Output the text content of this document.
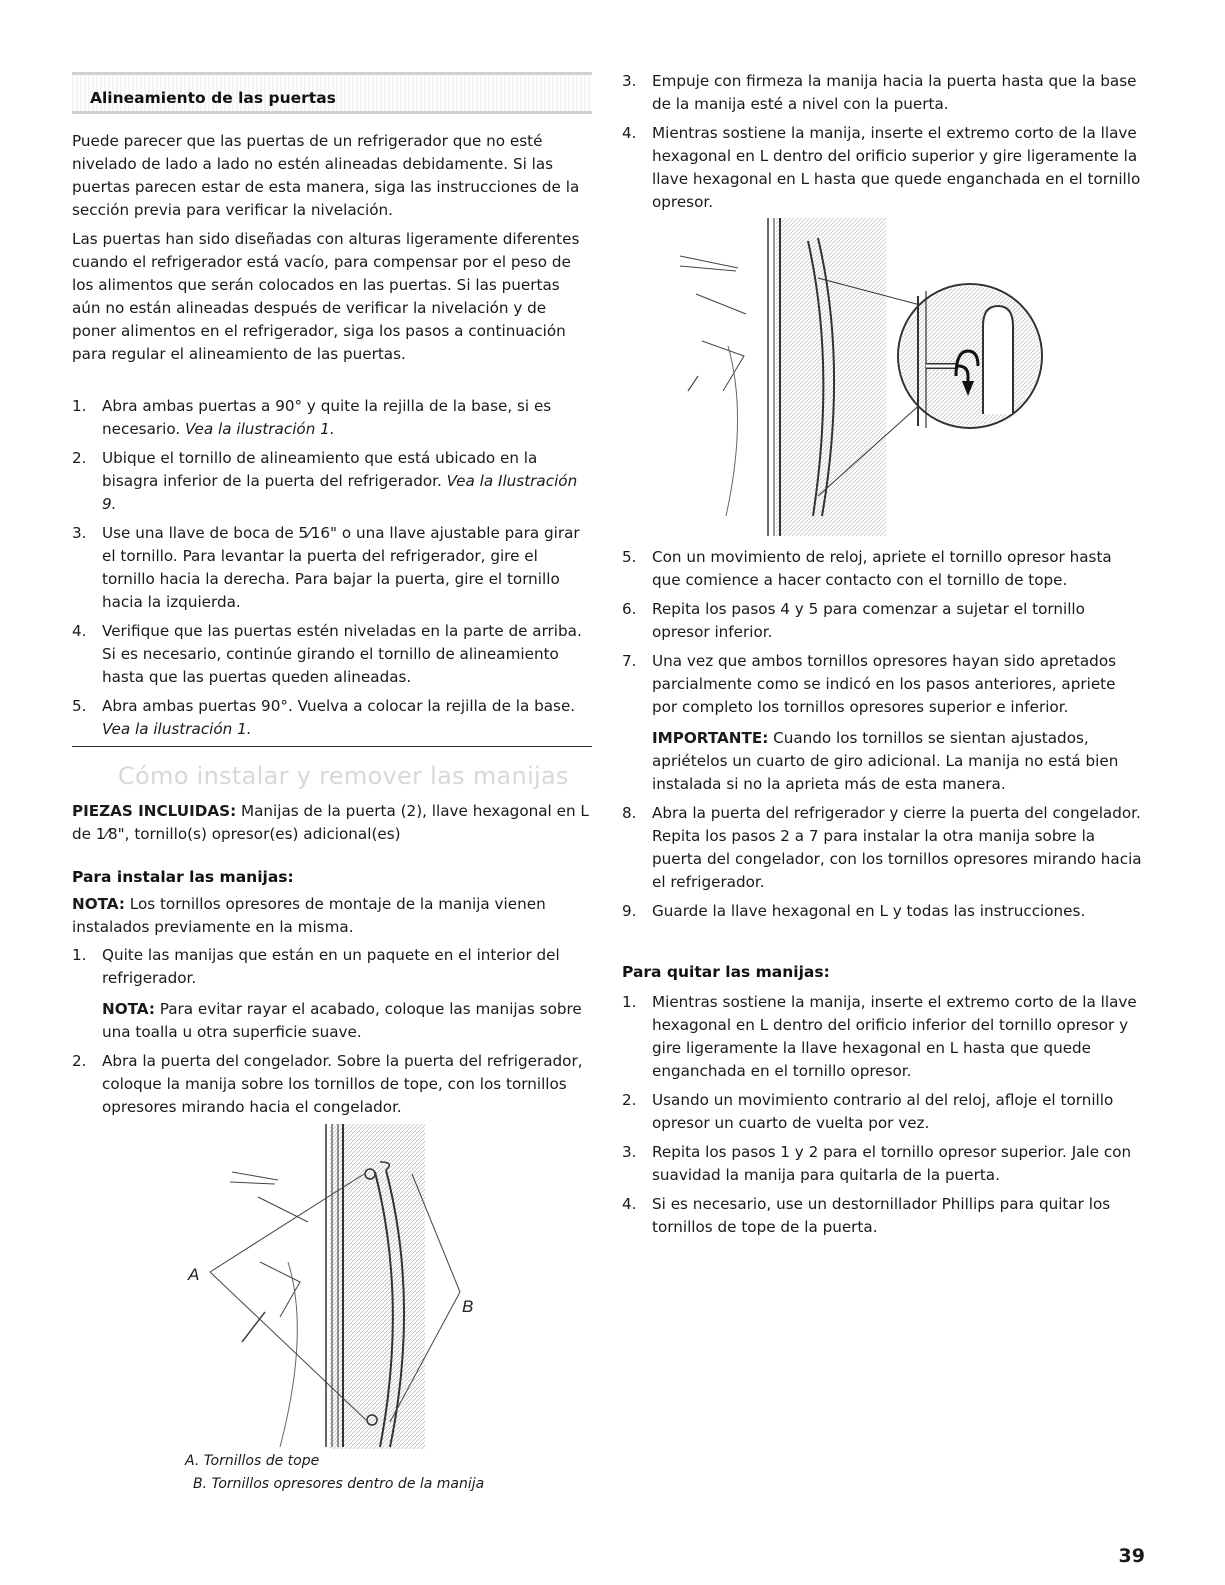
Alineamiento de las puertas

Puede parecer que las puertas de un refrigerador que no esté nivelado de lado a lado no estén alineadas debidamente. Si las puertas parecen estar de esta manera, siga las instrucciones de la sección previa para verificar la nivelación.

Las puertas han sido diseñadas con alturas ligeramente diferentes cuando el refrigerador está vacío, para compensar por el peso de los alimentos que serán colocados en las puertas. Si las puertas aún no están alineadas después de verificar la nivelación y de poner alimentos en el refrigerador, siga los pasos a continuación para regular el alineamiento de las puertas.

1. Abra ambas puertas a 90° y quite la rejilla de la base, si es necesario. Vea la ilustración 1.
2. Ubique el tornillo de alineamiento que está ubicado en la bisagra inferior de la puerta del refrigerador. Vea la Ilustración 9.
3. Use una llave de boca de 5⁄16" o una llave ajustable para girar el tornillo. Para levantar la puerta del refrigerador, gire el tornillo hacia la derecha. Para bajar la puerta, gire el tornillo hacia la izquierda.
4. Verifique que las puertas estén niveladas en la parte de arriba. Si es necesario, continúe girando el tornillo de alineamiento hasta que las puertas queden alineadas.
5. Abra ambas puertas 90°. Vuelva a colocar la rejilla de la base. Vea la ilustración 1.
Cómo instalar y remover las manijas

PIEZAS INCLUIDAS: Manijas de la puerta (2), llave hexagonal en L de 1⁄8", tornillo(s) opresor(es) adicional(es)

Para instalar las manijas:

NOTA: Los tornillos opresores de montaje de la manija vienen instalados previamente en la misma.

1. Quite las manijas que están en un paquete en el interior del refrigerador.

NOTA: Para evitar rayar el acabado, coloque las manijas sobre una toalla u otra superficie suave.

2. Abra la puerta del congelador. Sobre la puerta del refrigerador, coloque la manija sobre los tornillos de tope, con los tornillos opresores mirando hacia el congelador.
A
B
A. Tornillos de tope
B. Tornillos opresores dentro de la manija
3. Empuje con firmeza la manija hacia la puerta hasta que la base de la manija esté a nivel con la puerta.
4. Mientras sostiene la manija, inserte el extremo corto de la llave hexagonal en L dentro del orificio superior y gire ligeramente la llave hexagonal en L hasta que quede enganchada en el tornillo opresor.
5. Con un movimiento de reloj, apriete el tornillo opresor hasta que comience a hacer contacto con el tornillo de tope.
6. Repita los pasos 4 y 5 para comenzar a sujetar el tornillo opresor inferior.
7. Una vez que ambos tornillos opresores hayan sido apretados parcialmente como se indicó en los pasos anteriores, apriete por completo los tornillos opresores superior e inferior.

IMPORTANTE: Cuando los tornillos se sientan ajustados, apriételos un cuarto de giro adicional. La manija no está bien instalada si no la aprieta más de esta manera.

8. Abra la puerta del refrigerador y cierre la puerta del congelador. Repita los pasos 2 a 7 para instalar la otra manija sobre la puerta del congelador, con los tornillos opresores mirando hacia el refrigerador.
9. Guarde la llave hexagonal en L y todas las instrucciones.
Para quitar las manijas:
1. Mientras sostiene la manija, inserte el extremo corto de la llave hexagonal en L dentro del orificio inferior del tornillo opresor y gire ligeramente la llave hexagonal en L hasta que quede enganchada en el tornillo opresor.
2. Usando un movimiento contrario al del reloj, afloje el tornillo opresor un cuarto de vuelta por vez.
3. Repita los pasos 1 y 2 para el tornillo opresor superior. Jale con suavidad la manija para quitarla de la puerta.
4. Si es necesario, use un destornillador Phillips para quitar los tornillos de tope de la puerta.
39
